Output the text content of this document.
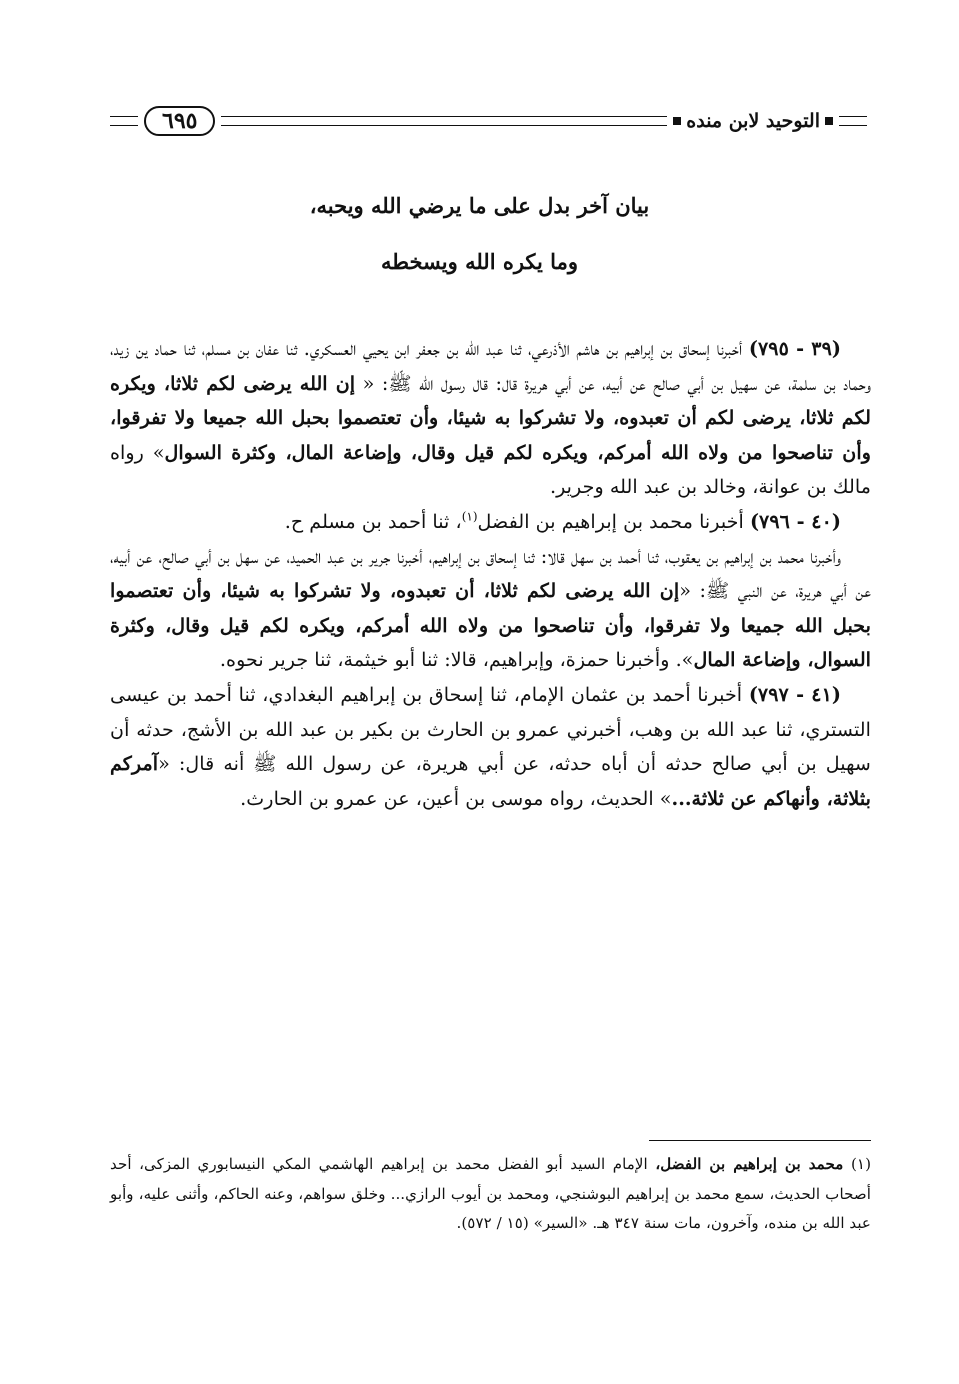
التوحيد لابن منده
٦٩٥
بيان آخر بدل على ما يرضي الله ويحبه،
وما يكره الله ويسخطه

(٣٩ - ٧٩٥) أخبرنا إسحاق بن إبراهيم بن هاشم الأذرعي، ثنا عبد الله بن جعفر ابن يحيي العسكري. ثنا عفان بن مسلم، ثنا حماد ين زيد، وحماد بن سلمة، عن سهيل بن أبي صالح عن أبيه، عن أبي هريرة قال: قال رسول الله ﷺ: « إن الله يرضى لكم ثلاثا، ويكره لكم ثلاثا، يرضى لكم أن تعبدوه، ولا تشركوا به شيئا، وأن تعتصموا بحبل الله جميعا ولا تفرقوا، وأن تناصحوا من ولاه الله أمركم، ويكره لكم قيل وقال، وإضاعة المال، وكثرة السوال» رواه مالك بن عوانة، وخالد بن عبد الله وجرير.

(٤٠ - ٧٩٦) أخبرنا محمد بن إبراهيم بن الفضل$^{(١)}$، ثنا أحمد بن مسلم ح.

وأخبرنا محمد بن إبراهيم بن يعقوب، ثنا أحمد بن سهل قالا: ثنا إسحاق بن إبراهيم، أخبرنا جرير بن عبد الحميد، عن سهل بن أبي صالح، عن أبيه، عن أبي هريرة، عن النبي ﷺ: «إن الله يرضى لكم ثلاثا، أن تعبدوه، ولا تشركوا به شيئا، وأن تعتصموا بحبل الله جميعا ولا تفرقوا، وأن تناصحوا من ولاه الله أمركم، ويكره لكم قيل وقال، وكثرة السوال، وإضاعة المال». وأخبرنا حمزة، وإبراهيم، قالا: ثنا أبو خيثمة، ثنا جرير نحوه.

(٤١ - ٧٩٧) أخبرنا أحمد بن عثمان الإمام، ثنا إسحاق بن إبراهيم البغدادي، ثنا أحمد بن عيسى التستري، ثنا عبد الله بن وهب، أخبرني عمرو بن الحارث بن بكير بن عبد الله بن الأشج، حدثه أن سهيل بن أبي صالح حدثه أن أباه حدثه، عن أبي هريرة، عن رسول الله ﷺ أنه قال: «آمركم بثلاثة، وأنهاكم عن ثلاثة...» الحديث، رواه موسى بن أعين، عن عمرو بن الحارث.

(١) محمد بن إبراهيم بن الفضل، الإمام السيد أبو الفضل محمد بن إبراهيم الهاشمي المكي النيسابوري المزكى، أحد أصحاب الحديث، سمع محمد بن إبراهيم البوشنجي، ومحمد بن أيوب الرازي... وخلق سواهم، وعنه الحاكم، وأثنى عليه، وأبو عبد الله بن منده، وآخرون، مات سنة ٣٤٧ هـ. «السير» (١٥ / ٥٧٢).
